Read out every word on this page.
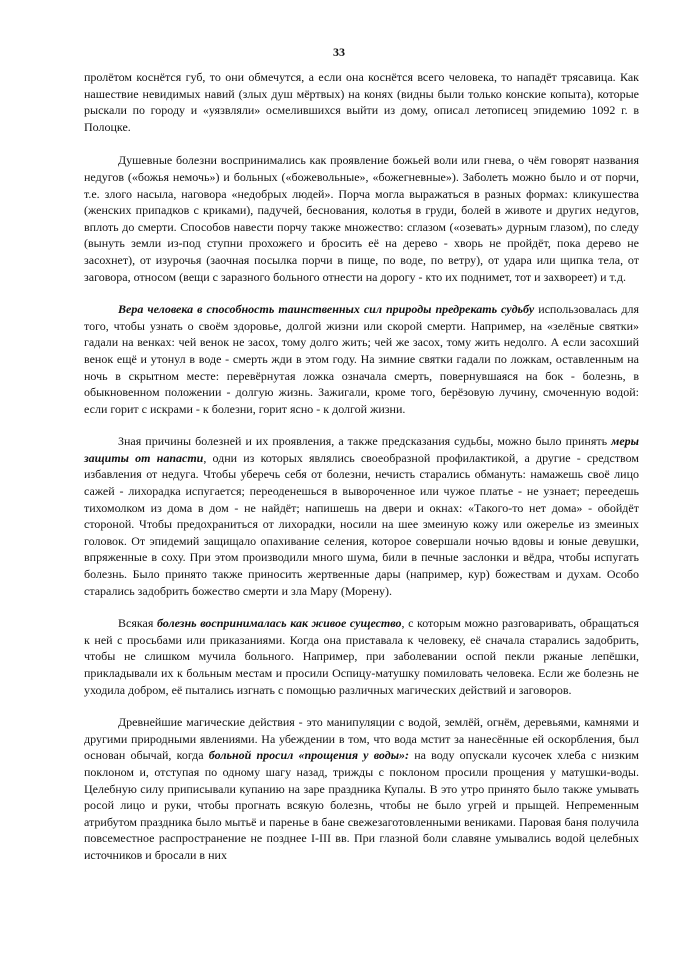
33

пролётом коснётся губ, то они обмечутся, а если она коснётся всего человека, то нападёт трясавица. Как нашествие невидимых навий (злых душ мёртвых) на конях (видны были только конские копыта), которые рыскали по городу и «уязвляли» осмелившихся выйти из дому, описал летописец эпидемию 1092 г. в Полоцке.

Душевные болезни воспринимались как проявление божьей воли или гнева, о чём говорят названия недугов («божья немочь») и больных («божевольные», «божегневные»). Заболеть можно было и от порчи, т.е. злого насыла, наговора «недобрых людей». Порча могла выражаться в разных формах: кликушества (женских припадков с криками), падучей, беснования, колотья в груди, болей в животе и других недугов, вплоть до смерти. Способов навести порчу также множество: сглазом («озевать» дурным глазом), по следу (вынуть земли из-под ступни прохожего и бросить её на дерево - хворь не пройдёт, пока дерево не засохнет), от изурочья (заочная посылка порчи в пище, по воде, по ветру), от удара или щипка тела, от заговора, относом (вещи с заразного больного отнести на дорогу - кто их поднимет, тот и захвореет) и т.д.

Вера человека в способность таинственных сил природы предрекать судьбу использовалась для того, чтобы узнать о своём здоровье, долгой жизни или скорой смерти. Например, на «зелёные святки» гадали на венках: чей венок не засох, тому долго жить; чей же засох, тому жить недолго. А если засохший венок ещё и утонул в воде - смерть жди в этом году. На зимние святки гадали по ложкам, оставленным на ночь в скрытном месте: перевёрнутая ложка означала смерть, повернувшаяся на бок - болезнь, в обыкновенном положении - долгую жизнь. Зажигали, кроме того, берёзовую лучину, смоченную водой: если горит с искрами - к болезни, горит ясно - к долгой жизни.

Зная причины болезней и их проявления, а также предсказания судьбы, можно было принять меры защиты от напасти, одни из которых являлись своеобразной профилактикой, а другие - средством избавления от недуга. Чтобы уберечь себя от болезни, нечисть старались обмануть: намажешь своё лицо сажей - лихорадка испугается; переоденешься в вывороченное или чужое платье - не узнает; переедешь тихомолком из дома в дом - не найдёт; напишешь на двери и окнах: «Такого-то нет дома» - обойдёт стороной. Чтобы предохраниться от лихорадки, носили на шее змеиную кожу или ожерелье из змеиных головок. От эпидемий защищало опахивание селения, которое совершали ночью вдовы и юные девушки, впряженные в соху. При этом производили много шума, били в печные заслонки и вёдра, чтобы испугать болезнь. Было принято также приносить жертвенные дары (например, кур) божествам и духам. Особо старались задобрить божество смерти и зла Мару (Морену).

Всякая болезнь воспринималась как живое существо, с которым можно разговаривать, обращаться к ней с просьбами или приказаниями. Когда она приставала к человеку, её сначала старались задобрить, чтобы не слишком мучила больного. Например, при заболевании оспой пекли ржаные лепёшки, прикладывали их к больным местам и просили Оспицу-матушку помиловать человека. Если же болезнь не уходила добром, её пытались изгнать с помощью различных магических действий и заговоров.

Древнейшие магические действия - это манипуляции с водой, землёй, огнём, деревьями, камнями и другими природными явлениями. На убеждении в том, что вода мстит за нанесённые ей оскорбления, был основан обычай, когда больной просил «прощения у воды»: на воду опускали кусочек хлеба с низким поклоном и, отступая по одному шагу назад, трижды с поклоном просили прощения у матушки-воды. Целебную силу приписывали купанию на заре праздника Купалы. В это утро принято было также умывать росой лицо и руки, чтобы прогнать всякую болезнь, чтобы не было угрей и прыщей. Непременным атрибутом праздника было мытьё и паренье в бане свежезаготовленными вениками. Паровая баня получила повсеместное распространение не позднее I-III вв. При глазной боли славяне умывались водой целебных источников и бросали в них
